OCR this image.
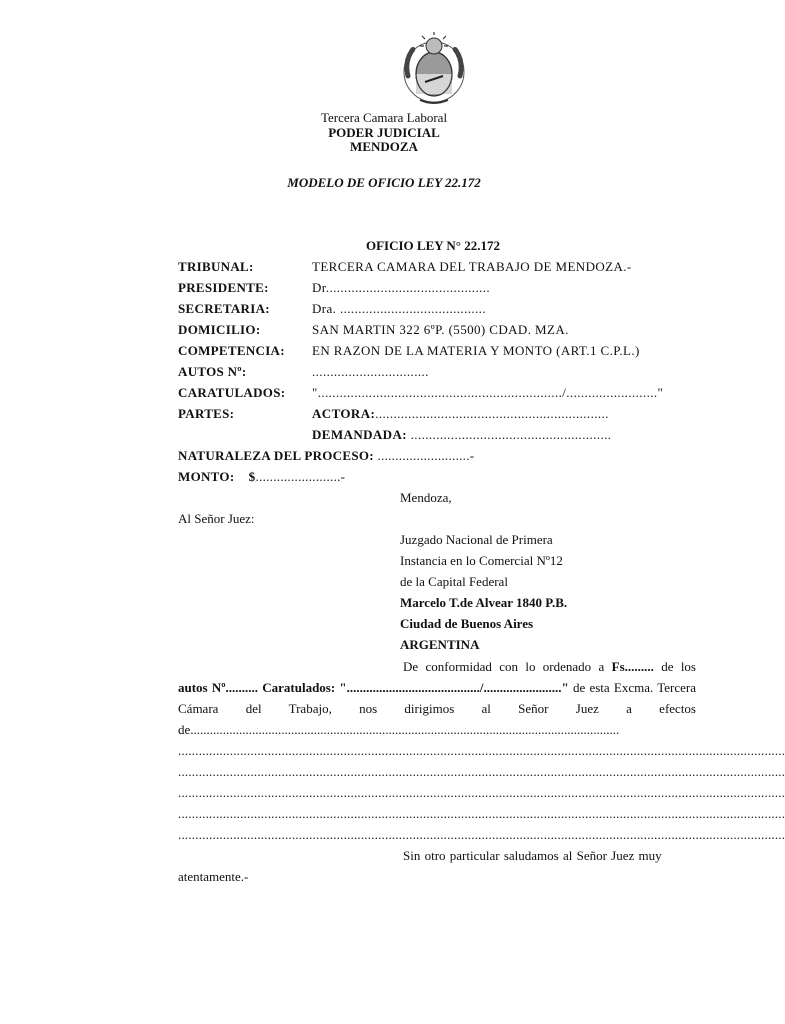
Tercera Camara Laboral
PODER JUDICIAL
MENDOZA
MODELO DE OFICIO LEY 22.172
OFICIO LEY N° 22.172
TRIBUNAL:	TERCERA CAMARA DEL TRABAJO DE MENDOZA.-
PRESIDENTE:	Dr.............................................
SECRETARIA:	Dra. ........................................
DOMICILIO:	SAN MARTIN 322 6ºP. (5500) CDAD. MZA.
COMPETENCIA: EN RAZON DE LA MATERIA Y MONTO (ART.1 C.P.L.)
AUTOS Nº:	................................
CARATULADOS: ".................................................................../........................."
PARTES:	ACTORA:................................................................
DEMANDADA: .......................................................
NATURALEZA DEL PROCESO: ..........................-
MONTO: $........................-
Mendoza,
Al Señor Juez:
Juzgado Nacional de Primera
Instancia en lo Comercial Nº12
de la Capital Federal
Marcelo T.de Alvear 1840 P.B.
Ciudad de Buenos Aires
ARGENTINA
De conformidad con lo ordenado a Fs......... de los autos Nº.......... Caratulados: "........................................./........................" de esta Excma. Tercera Cámara del Trabajo, nos dirigimos al Señor Juez a efectos de....................................................................................................................................
................................................................................................................................................................................
................................................................................................................................................................................
................................................................................................................................................................................
................................................................................................................................................................................
................................................................................................................................................................................
Sin otro particular saludamos al Señor Juez muy
atentamente.-
